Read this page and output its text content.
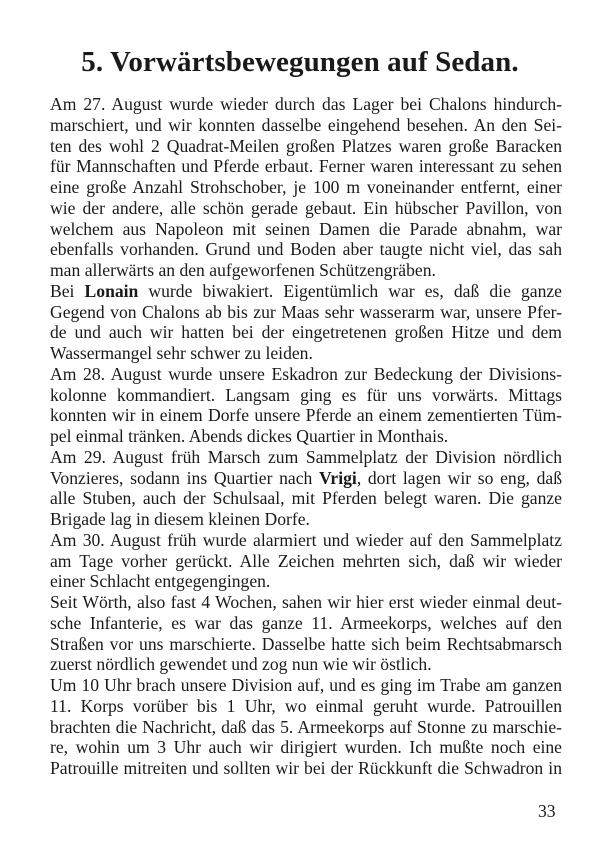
5. Vorwärtsbewegungen auf Sedan.
Am 27. August wurde wieder durch das Lager bei Chalons hindurch-
marschiert, und wir konnten dasselbe eingehend besehen. An den Sei-
ten des wohl 2 Quadrat-Meilen großen Platzes waren große Baracken
für Mannschaften und Pferde erbaut. Ferner waren interessant zu sehen
eine große Anzahl Strohschober, je 100 m voneinander entfernt, einer
wie der andere, alle schön gerade gebaut. Ein hübscher Pavillon, von
welchem aus Napoleon mit seinen Damen die Parade abnahm, war
ebenfalls vorhanden. Grund und Boden aber taugte nicht viel, das sah
man allerwärts an den aufgeworfenen Schützengräben.
Bei Lonain wurde biwakiert. Eigentümlich war es, daß die ganze
Gegend von Chalons ab bis zur Maas sehr wasserarm war, unsere Pfer-
de und auch wir hatten bei der eingetretenen großen Hitze und dem
Wassermangel sehr schwer zu leiden.
Am 28. August wurde unsere Eskadron zur Bedeckung der Divisions-
kolonne kommandiert. Langsam ging es für uns vorwärts. Mittags
konnten wir in einem Dorfe unsere Pferde an einem zementierten Tüm-
pel einmal tränken. Abends dickes Quartier in Monthais.
Am 29. August früh Marsch zum Sammelplatz der Division nördlich
Vonzieres, sodann ins Quartier nach Vrigi, dort lagen wir so eng, daß
alle Stuben, auch der Schulsaal, mit Pferden belegt waren. Die ganze
Brigade lag in diesem kleinen Dorfe.
Am 30. August früh wurde alarmiert und wieder auf den Sammelplatz
am Tage vorher gerückt. Alle Zeichen mehrten sich, daß wir wieder
einer Schlacht entgegengingen.
Seit Wörth, also fast 4 Wochen, sahen wir hier erst wieder einmal deut-
sche Infanterie, es war das ganze 11. Armeekorps, welches auf den
Straßen vor uns marschierte. Dasselbe hatte sich beim Rechtsabmarsch
zuerst nördlich gewendet und zog nun wie wir östlich.
Um 10 Uhr brach unsere Division auf, und es ging im Trabe am ganzen
11. Korps vorüber bis 1 Uhr, wo einmal geruht wurde. Patrouillen
brachten die Nachricht, daß das 5. Armeekorps auf Stonne zu marschie-
re, wohin um 3 Uhr auch wir dirigiert wurden. Ich mußte noch eine
Patrouille mitreiten und sollten wir bei der Rückkunft die Schwadron in
33
